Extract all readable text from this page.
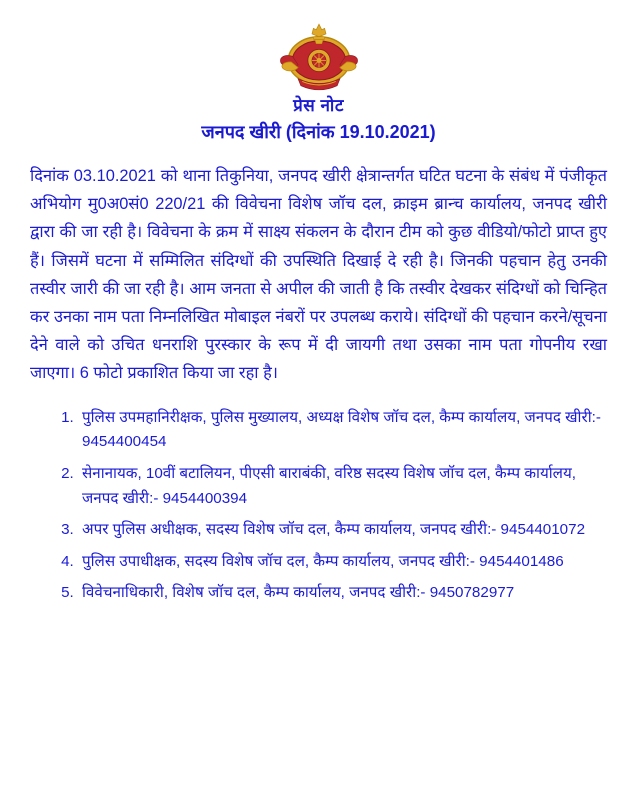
प्रेस नोट
जनपद खीरी (दिनांक 19.10.2021)
दिनांक 03.10.2021 को थाना तिकुनिया, जनपद खीरी क्षेत्रान्तर्गत घटित घटना के संबंध में पंजीकृत अभियोग मु0अ0सं0 220/21 की विवेचना विशेष जॉच दल, क्राइम ब्रान्च कार्यालय, जनपद खीरी द्वारा की जा रही है। विवेचना के क्रम में साक्ष्य संकलन के दौरान टीम को कुछ वीडियो/फोटो प्राप्त हुए हैं। जिसमें घटना में सम्मिलित संदिग्धों की उपस्थिति दिखाई दे रही है। जिनकी पहचान हेतु उनकी तस्वीर जारी की जा रही है। आम जनता से अपील की जाती है कि तस्वीर देखकर संदिग्धों को चिन्हित कर उनका नाम पता निम्नलिखित मोबाइल नंबरों पर उपलब्ध कराये। संदिग्धों की पहचान करने/सूचना देने वाले को उचित धनराशि पुरस्कार के रूप में दी जायगी तथा उसका नाम पता गोपनीय रखा जाएगा। 6 फोटो प्रकाशित किया जा रहा है।
1. पुलिस उपमहानिरीक्षक, पुलिस मुख्यालय, अध्यक्ष विशेष जॉच दल, कैम्प कार्यालय, जनपद खीरी:- 9454400454
2. सेनानायक, 10वीं बटालियन, पीएसी बाराबंकी, वरिष्ठ सदस्य विशेष जॉच दल, कैम्प कार्यालय, जनपद खीरी:- 9454400394
3. अपर पुलिस अधीक्षक, सदस्य विशेष जॉच दल, कैम्प कार्यालय, जनपद खीरी:- 9454401072
4. पुलिस उपाधीक्षक, सदस्य विशेष जॉच दल, कैम्प कार्यालय, जनपद खीरी:- 9454401486
5. विवेचनाधिकारी, विशेष जॉच दल, कैम्प कार्यालय, जनपद खीरी:- 9450782977
